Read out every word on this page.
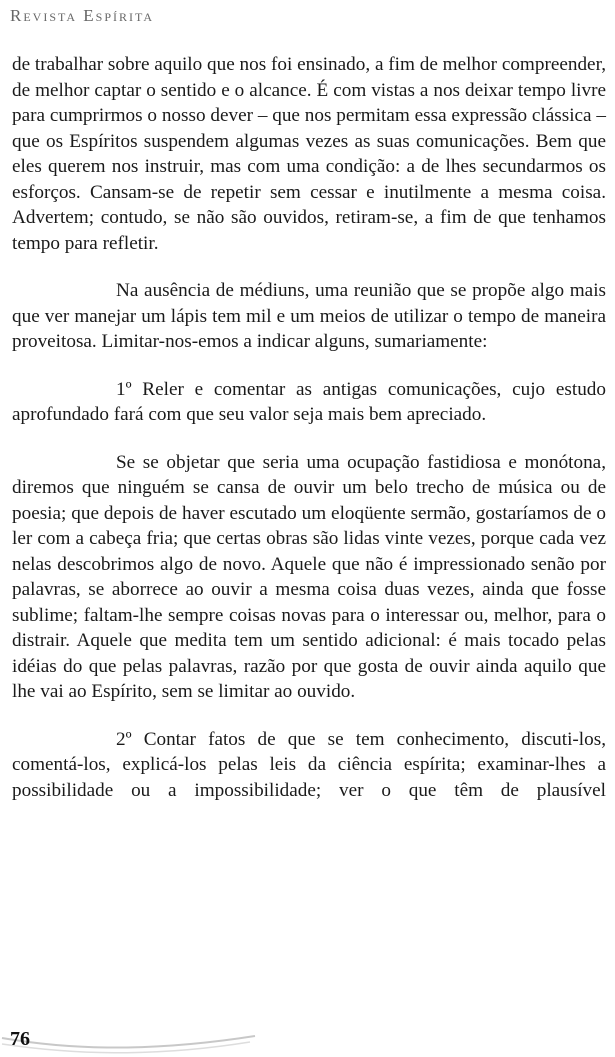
Revista Espírita

de trabalhar sobre aquilo que nos foi ensinado, a fim de melhor compreender, de melhor captar o sentido e o alcance. É com vistas a nos deixar tempo livre para cumprirmos o nosso dever – que nos permitam essa expressão clássica – que os Espíritos suspendem algumas vezes as suas comunicações. Bem que eles querem nos instruir, mas com uma condição: a de lhes secundarmos os esforços. Cansam-se de repetir sem cessar e inutilmente a mesma coisa. Advertem; contudo, se não são ouvidos, retiram-se, a fim de que tenhamos tempo para refletir.

Na ausência de médiuns, uma reunião que se propõe algo mais que ver manejar um lápis tem mil e um meios de utilizar o tempo de maneira proveitosa. Limitar-nos-emos a indicar alguns, sumariamente:

1º Reler e comentar as antigas comunicações, cujo estudo aprofundado fará com que seu valor seja mais bem apreciado.

Se se objetar que seria uma ocupação fastidiosa e monótona, diremos que ninguém se cansa de ouvir um belo trecho de música ou de poesia; que depois de haver escutado um eloqüente sermão, gostaríamos de o ler com a cabeça fria; que certas obras são lidas vinte vezes, porque cada vez nelas descobrimos algo de novo. Aquele que não é impressionado senão por palavras, se aborrece ao ouvir a mesma coisa duas vezes, ainda que fosse sublime; faltam-lhe sempre coisas novas para o interessar ou, melhor, para o distrair. Aquele que medita tem um sentido adicional: é mais tocado pelas idéias do que pelas palavras, razão por que gosta de ouvir ainda aquilo que lhe vai ao Espírito, sem se limitar ao ouvido.

2º Contar fatos de que se tem conhecimento, discuti-los, comentá-los, explicá-los pelas leis da ciência espírita; examinar-lhes a possibilidade ou a impossibilidade; ver o que têm de plausível

76
